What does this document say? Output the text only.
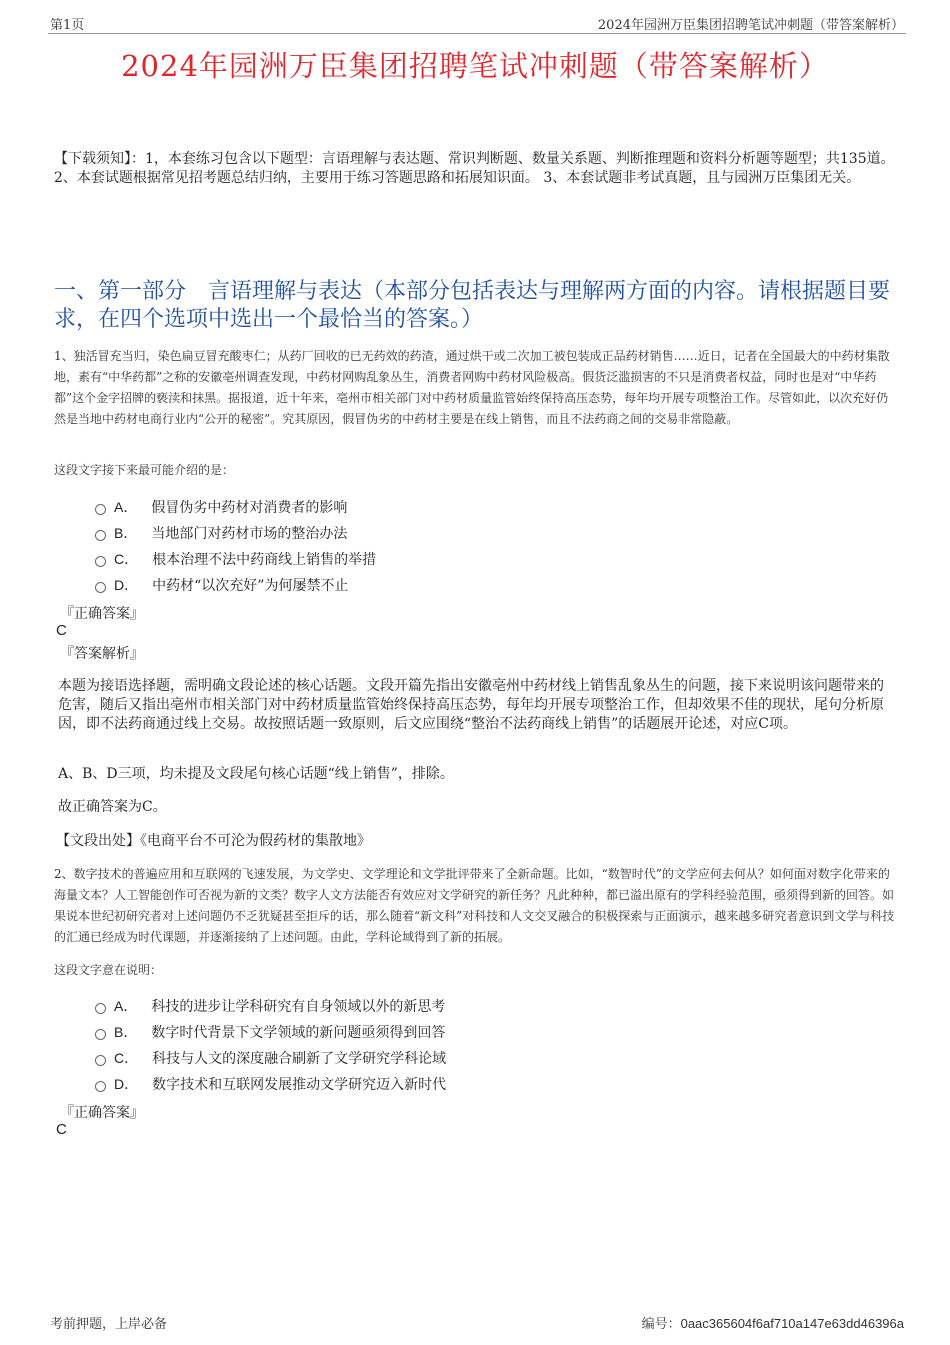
第1页	2024年园洲万臣集团招聘笔试冲刺题（带答案解析）
2024年园洲万臣集团招聘笔试冲刺题（带答案解析）
【下载须知】：1，本套练习包含以下题型：言语理解与表达题、常识判断题、数量关系题、判断推理题和资料分析题等题型；共135道。 2、本套试题根据常见招考题总结归纳，主要用于练习答题思路和拓展知识面。 3、本套试题非考试真题，且与园洲万臣集团无关。
一、第一部分　言语理解与表达（本部分包括表达与理解两方面的内容。请根据题目要求，在四个选项中选出一个最恰当的答案。）
1、独活冒充当归，染色扁豆冒充酸枣仁；从药厂回收的已无药效的药渣，通过烘干或二次加工被包装成正品药材销售……近日，记者在全国最大的中药材集散地，素有“中华药都”之称的安徽亳州调查发现，中药材网购乱象丛生，消费者网购中药材风险极高。假货泛滥损害的不只是消费者权益，同时也是对“中华药都”这个金字招牌的亵渎和抹黑。据报道，近十年来，亳州市相关部门对中药材质量监管始终保持高压态势，每年均开展专项整治工作。尽管如此，以次充好仍然是当地中药材电商行业内“公开的秘密”。究其原因，假冒伪劣的中药材主要是在线上销售，而且不法药商之间的交易非常隐蔽。
这段文字接下来最可能介绍的是：
A． 假冒伪劣中药材对消费者的影响
B． 当地部门对药材市场的整治办法
C． 根本治理不法中药商线上销售的举措
D． 中药材“以次充好”为何屡禁不止
『正确答案』
C
『答案解析』
本题为接语选择题，需明确文段论述的核心话题。文段开篇先指出安徽亳州中药材线上销售乱象丛生的问题，接下来说明该问题带来的危害，随后又指出亳州市相关部门对中药材质量监管始终保持高压态势，每年均开展专项整治工作，但却效果不佳的现状，尾句分析原因，即不法药商通过线上交易。故按照话题一致原则，后文应围绕“整治不法药商线上销售”的话题展开论述，对应C项。
A、B、D三项，均未提及文段尾句核心话题“线上销售”，排除。
故正确答案为C。
【文段出处】《电商平台不可沦为假药材的集散地》
2、数字技术的普遍应用和互联网的飞速发展，为文学史、文学理论和文学批评带来了全新命题。比如，“数智时代”的文学应何去何从？如何面对数字化带来的海量文本？人工智能创作可否视为新的文类？数字人文方法能否有效应对文学研究的新任务？凡此种种，都已溢出原有的学科经验范围，亟须得到新的回答。如果说本世纪初研究者对上述问题仍不乏犹疑甚至拒斥的话，那么随着“新文科”对科技和人文交叉融合的积极探索与正面演示，越来越多研究者意识到文学与科技的汇通已经成为时代课题，并逐渐接纳了上述问题。由此，学科论域得到了新的拓展。
这段文字意在说明：
A． 科技的进步让学科研究有自身领域以外的新思考
B． 数字时代背景下文学领域的新问题亟须得到回答
C． 科技与人文的深度融合刷新了文学研究学科论域
D． 数字技术和互联网发展推动文学研究迈入新时代
『正确答案』
C
考前押题，上岸必备	编号：0aac365604f6af710a147e63dd46396a
